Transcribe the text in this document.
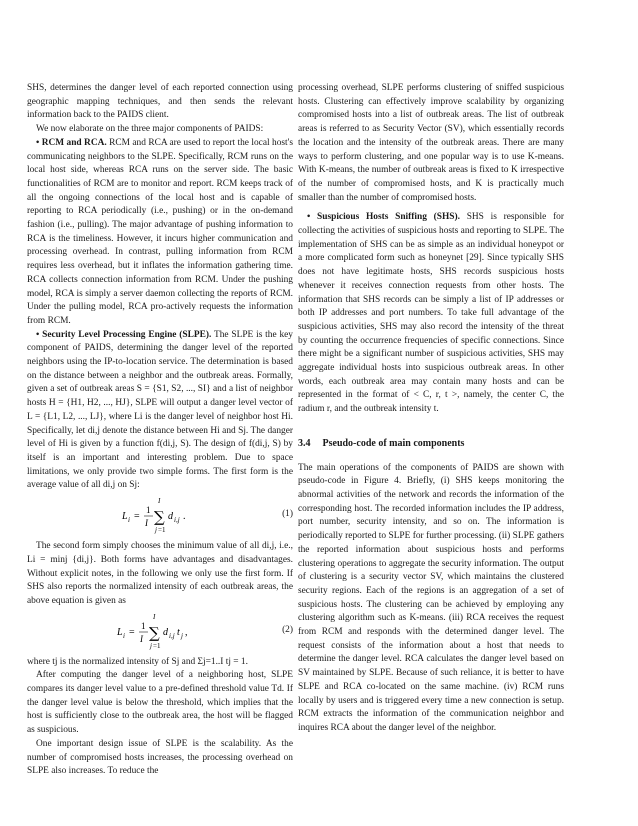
SHS, determines the danger level of each reported connection using geographic mapping techniques, and then sends the relevant information back to the PAIDS client.

We now elaborate on the three major components of PAIDS:

• RCM and RCA. RCM and RCA are used to report the local host's communicating neighbors to the SLPE. Specifically, RCM runs on the local host side, whereas RCA runs on the server side. The basic functionalities of RCM are to monitor and report. RCM keeps track of all the ongoing connections of the local host and is capable of reporting to RCA periodically (i.e., pushing) or in the on-demand fashion (i.e., pulling). The major advantage of pushing information to RCA is the timeliness. However, it incurs higher communication and processing overhead. In contrast, pulling information from RCM requires less overhead, but it inflates the information gathering time. RCA collects connection information from RCM. Under the pushing model, RCA is simply a server daemon collecting the reports of RCM. Under the pulling model, RCA pro-actively requests the information from RCM.

• Security Level Processing Engine (SLPE). The SLPE is the key component of PAIDS, determining the danger level of the reported neighbors using the IP-to-location service. The determination is based on the distance between a neighbor and the outbreak areas. Formally, given a set of outbreak areas S = {S1, S2, ..., SI} and a list of neighbor hosts H = {H1, H2, ..., HJ}, SLPE will output a danger level vector of L = {L1, L2, ..., LJ}, where Li is the danger level of neighbor host Hi. Specifically, let di,j denote the distance between Hi and Sj. The danger level of Hi is given by a function f(di,j, S). The design of f(di,j, S) by itself is an important and interesting problem. Due to space limitations, we only provide two simple forms. The first form is the average value of all di,j on Sj:

L i =
1
I
I
∑
j =1
d i,j .	(1)

The second form simply chooses the minimum value of all di,j, i.e., Li = minj {di,j}. Both forms have advantages and disadvantages. Without explicit notes, in the following we only use the first form. If SHS also reports the normalized intensity of each outbreak areas, the above equation is given as

L i =
1
I
I
∑
j =1
d i,j t j ,	(2)

where tj is the normalized intensity of Sj and Σj=1..I tj = 1.

After computing the danger level of a neighboring host, SLPE compares its danger level value to a pre-defined threshold value Td. If the danger level value is below the threshold, which implies that the host is sufficiently close to the outbreak area, the host will be flagged as suspicious.

One important design issue of SLPE is the scalability. As the number of compromised hosts increases, the processing overhead on SLPE also increases. To reduce the

processing overhead, SLPE performs clustering of sniffed suspicious hosts. Clustering can effectively improve scalability by organizing compromised hosts into a list of outbreak areas. The list of outbreak areas is referred to as Security Vector (SV), which essentially records the location and the intensity of the outbreak areas. There are many ways to perform clustering, and one popular way is to use K-means. With K-means, the number of outbreak areas is fixed to K irrespective of the number of compromised hosts, and K is practically much smaller than the number of compromised hosts.

• Suspicious Hosts Sniffing (SHS). SHS is responsible for collecting the activities of suspicious hosts and reporting to SLPE. The implementation of SHS can be as simple as an individual honeypot or a more complicated form such as honeynet [29]. Since typically SHS does not have legitimate hosts, SHS records suspicious hosts whenever it receives connection requests from other hosts. The information that SHS records can be simply a list of IP addresses or both IP addresses and port numbers. To take full advantage of the suspicious activities, SHS may also record the intensity of the threat by counting the occurrence frequencies of specific connections. Since there might be a significant number of suspicious activities, SHS may aggregate individual hosts into suspicious outbreak areas. In other words, each outbreak area may contain many hosts and can be represented in the format of < C, r, t >, namely, the center C, the radium r, and the outbreak intensity t.

3.4 Pseudo-code of main components

The main operations of the components of PAIDS are shown with pseudo-code in Figure 4. Briefly, (i) SHS keeps monitoring the abnormal activities of the network and records the information of the corresponding host. The recorded information includes the IP address, port number, security intensity, and so on. The information is periodically reported to SLPE for further processing. (ii) SLPE gathers the reported information about suspicious hosts and performs clustering operations to aggregate the security information. The output of clustering is a security vector SV, which maintains the clustered security regions. Each of the regions is an aggregation of a set of suspicious hosts. The clustering can be achieved by employing any clustering algorithm such as K-means. (iii) RCA receives the request from RCM and responds with the determined danger level. The request consists of the information about a host that needs to determine the danger level. RCA calculates the danger level based on SV maintained by SLPE. Because of such reliance, it is better to have SLPE and RCA co-located on the same machine. (iv) RCM runs locally by users and is triggered every time a new connection is setup. RCM extracts the information of the communication neighbor and inquires RCA about the danger level of the neighbor.
